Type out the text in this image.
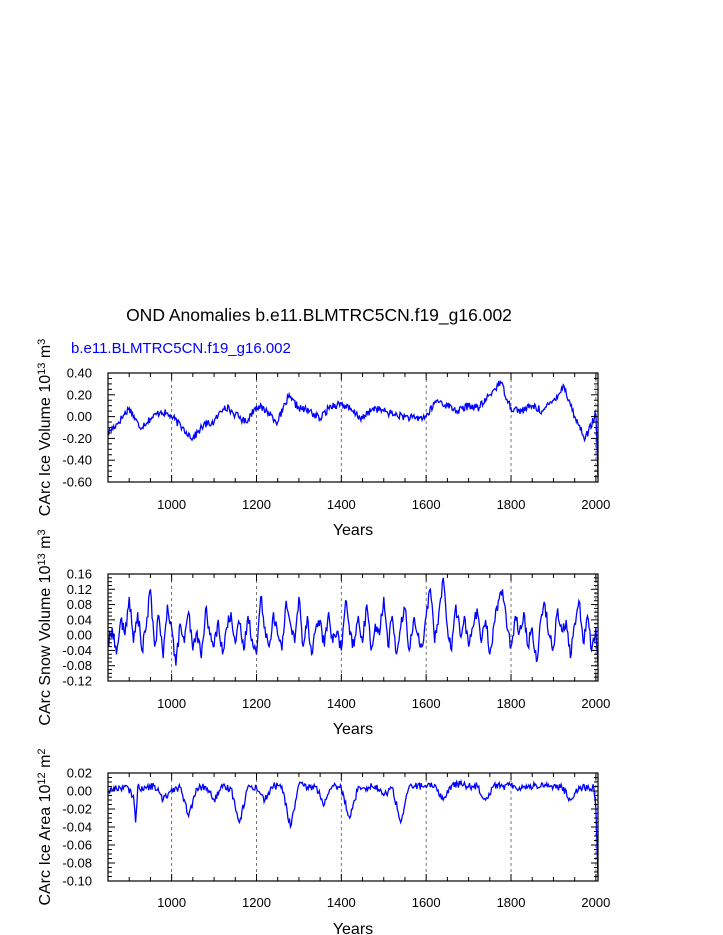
OND Anomalies b.e11.BLMTRC5CN.f19_g16.002
b.e11.BLMTRC5CN.f19_g16.002
1000	1200	1400	1600	1800	2000
-0.60
-0.40
-0.20
0.00
0.20
0.40
Years
CArc Ice Volume 1013 m3
1000	1200	1400	1600	1800	2000
-0.12
-0.08
-0.04
0.00
0.04
0.08
0.12
0.16
Years
CArc Snow Volume 1013 m3
1000	1200	1400	1600	1800	2000
-0.10
-0.08
-0.06
-0.04
-0.02
0.00
0.02
Years
CArc Ice Area 1012 m2
